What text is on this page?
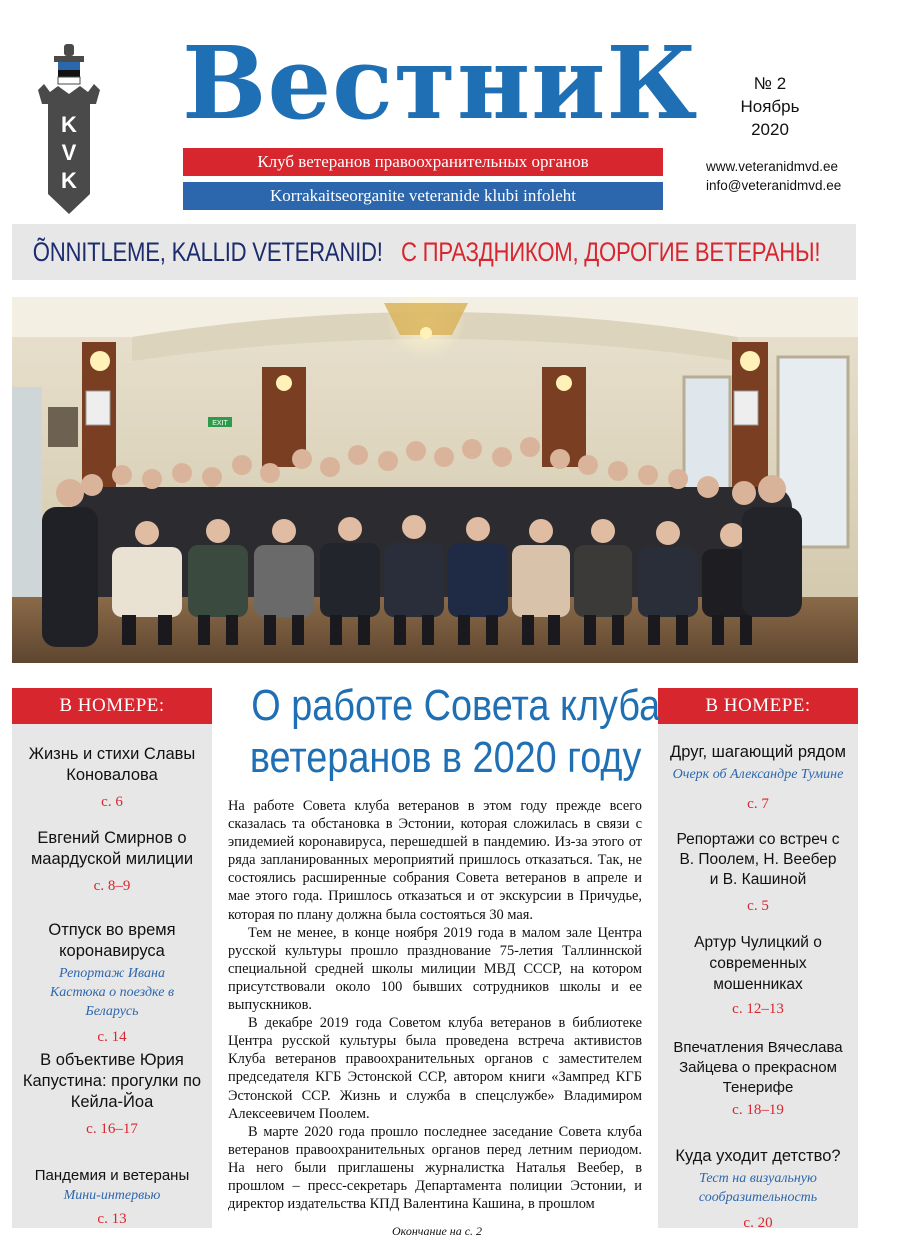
K
V
K
ВестниК
Клуб ветеранов правоохранительных органов
Korrakaitseorganite veteranide klubi infoleht
№ 2
Ноябрь
2020
www.veteranidmvd.ee
info@veteranidmvd.ee
ÕNNITLEME, KALLID VETERANID! С ПРАЗДНИКОМ, ДОРОГИЕ ВЕТЕРАНЫ!
EXIT
В НОМЕРЕ:
Жизнь и стихи Славы Коновалова
с. 6
Евгений Смирнов о маардуской милиции
с. 8–9
Отпуск во время коронавируса
Репортаж Ивана Кастюка о поездке в Беларусь
с. 14
В объективе Юрия Капустина: прогулки по Кейла-Йоа
с. 16–17
Пандемия и ветераны
Мини-интервью
с. 13
В НОМЕРЕ:
Друг, шагающий рядом
Очерк об Александре Тумине
с. 7
Репортажи со встреч с В. Поолем, Н. Веебер и В. Кашиной
с. 5
Артур Чулицкий о современных мошенниках
с. 12–13
Впечатления Вячеслава Зайцева о прекрасном Тенерифе
с. 18–19
Куда уходит детство?
Тест на визуальную сообразительность
с. 20
О работе Совета клуба
ветеранов в 2020 году

На работе Совета клуба ветеранов в этом году прежде всего сказалась та обстановка в Эстонии, которая сложилась в связи с эпидемией коронавируса, перешедшей в пандемию. Из-за этого от ряда запланированных мероприятий пришлось отказаться. Так, не состоялись расширенные собрания Совета ветеранов в апреле и мае этого года. Пришлось отказаться и от экскурсии в Причудье, которая по плану должна была состояться 30 мая.

Тем не менее, в конце ноября 2019 года в малом зале Центра русской культуры прошло празднование 75-летия Таллиннской специальной средней школы милиции МВД СССР, на котором присутствовали около 100 бывших сотрудников школы и ее выпускников.

В декабре 2019 года Советом клуба ветеранов в библиотеке Центра русской культуры была проведена встреча активистов Клуба ветеранов правоохранительных органов с заместителем председателя КГБ Эстонской ССР, автором книги «Зампред КГБ Эстонской ССР. Жизнь и служба в спецслужбе» Владимиром Алексеевичем Поолем.

В марте 2020 года прошло последнее заседание Совета клуба ветеранов правоохранительных органов перед летним периодом. На него были приглашены журналистка Наталья Веебер, в прошлом – пресс-секретарь Департамента полиции Эстонии, и директор издательства КПД Валентина Кашина, в прошлом

Окончание на с. 2
